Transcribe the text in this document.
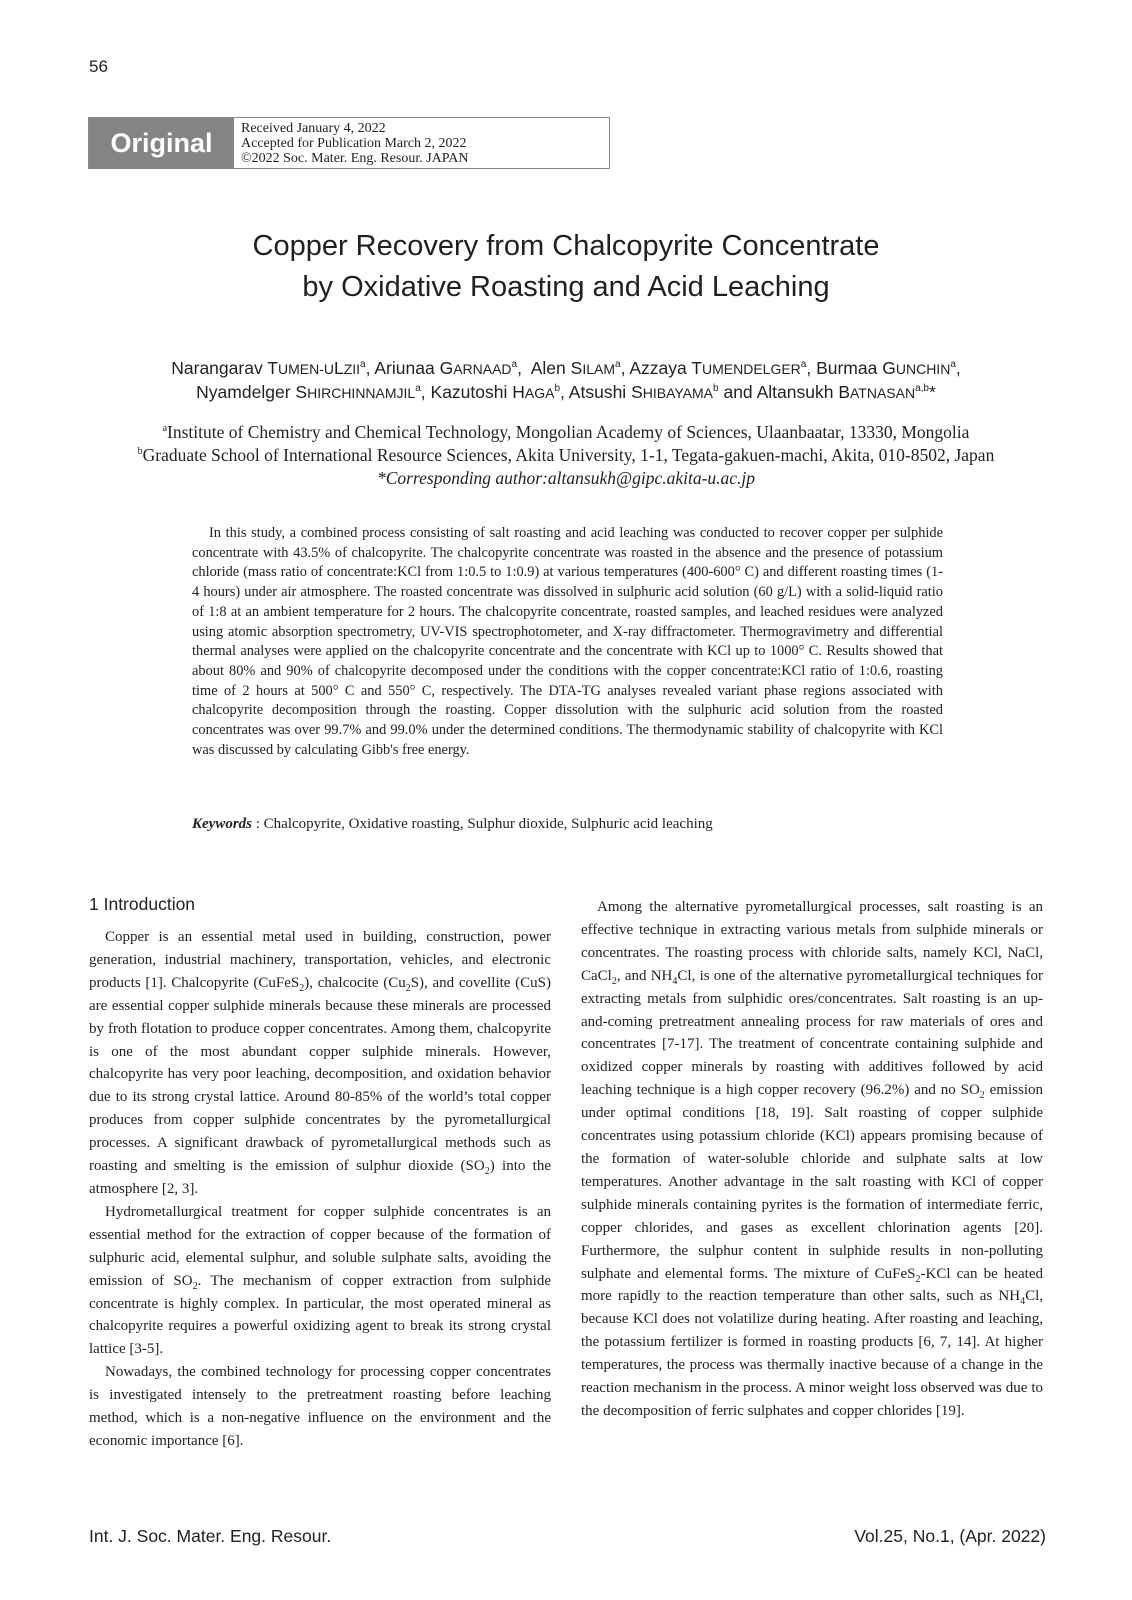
56
Original	Received January 4, 2022
Accepted for Publication March 2, 2022
©2022 Soc. Mater. Eng. Resour. JAPAN
Copper Recovery from Chalcopyrite Concentrate
by Oxidative Roasting and Acid Leaching
Narangarav TUMEN-ULZII$^a$, Ariunaa GARNAAD$^a$,  Alen SILAM$^a$, Azzaya TUMENDELGER$^a$, Burmaa GUNCHIN$^a$,
Nyamdelger SHIRCHINNAMJIL$^a$, Kazutoshi HAGA$^b$, Atsushi SHIBAYAMA$^b$ and Altansukh BATNASAN$^{a,b}$*
$^a$Institute of Chemistry and Chemical Technology, Mongolian Academy of Sciences, Ulaanbaatar, 13330, Mongolia
$^b$Graduate School of International Resource Sciences, Akita University, 1-1, Tegata-gakuen-machi, Akita, 010-8502, Japan
*Corresponding author:altansukh@gipc.akita-u.ac.jp

In this study, a combined process consisting of salt roasting and acid leaching was conducted to recover copper per sulphide concentrate with 43.5% of chalcopyrite. The chalcopyrite concentrate was roasted in the absence and the presence of potassium chloride (mass ratio of concentrate:KCl from 1:0.5 to 1:0.9) at various temperatures (400-600° C) and different roasting times (1-4 hours) under air atmosphere. The roasted concentrate was dissolved in sulphuric acid solution (60 g/L) with a solid-liquid ratio of 1:8 at an ambient temperature for 2 hours. The chalcopyrite concentrate, roasted samples, and leached residues were analyzed using atomic absorption spectrometry, UV-VIS spectrophotometer, and X-ray diffractometer. Thermogravimetry and differential thermal analyses were applied on the chalcopyrite concentrate and the concentrate with KCl up to 1000° C. Results showed that about 80% and 90% of chalcopyrite decomposed under the conditions with the copper concentrate:KCl ratio of 1:0.6, roasting time of 2 hours at 500° C and 550° C, respectively. The DTA-TG analyses revealed variant phase regions associated with chalcopyrite decomposition through the roasting. Copper dissolution with the sulphuric acid solution from the roasted concentrates was over 99.7% and 99.0% under the determined conditions. The thermodynamic stability of chalcopyrite with KCl was discussed by calculating Gibb's free energy.

Keywords : Chalcopyrite, Oxidative roasting, Sulphur dioxide, Sulphuric acid leaching
1 Introduction

Copper is an essential metal used in building, construction, power generation, industrial machinery, transportation, vehicles, and electronic products [1]. Chalcopyrite (CuFeS$_2$), chalcocite $(Cu_2S)$, and covellite (CuS) are essential copper sulphide minerals because these minerals are processed by froth flotation to produce copper concentrates. Among them, chalcopyrite is one of the most abundant copper sulphide minerals. However, chalcopyrite has very poor leaching, decomposition, and oxidation behavior due to its strong crystal lattice. Around 80-85% of the world’s total copper produces from copper sulphide concentrates by the pyrometallurgical processes. A significant drawback of pyrometallurgical methods such as roasting and smelting is the emission of sulphur dioxide $(SO_2)$ into the atmosphere [2, 3].

Hydrometallurgical treatment for copper sulphide concentrates is an essential method for the extraction of copper because of the formation of sulphuric acid, elemental sulphur, and soluble sulphate salts, avoiding the emission of $SO_2$. The mechanism of copper extraction from sulphide concentrate is highly complex. In particular, the most operated mineral as chalcopyrite requires a powerful oxidizing agent to break its strong crystal lattice [3-5].

Nowadays, the combined technology for processing copper concentrates is investigated intensely to the pretreatment roasting before leaching method, which is a non-negative influence on the environment and the economic importance [6].

Among the alternative pyrometallurgical processes, salt roasting is an effective technique in extracting various metals from sulphide minerals or concentrates. The roasting process with chloride salts, namely KCl, NaCl, CaCl$_2$, and $NH_4Cl$, is one of the alternative pyrometallurgical techniques for extracting metals from sulphidic ores/concentrates. Salt roasting is an up-and-coming pretreatment annealing process for raw materials of ores and concentrates [7-17]. The treatment of concentrate containing sulphide and oxidized copper minerals by roasting with additives followed by acid leaching technique is a high copper recovery (96.2%) and no $SO_2$ emission under optimal conditions [18, 19]. Salt roasting of copper sulphide concentrates using potassium chloride (KCl) appears promising because of the formation of water-soluble chloride and sulphate salts at low temperatures. Another advantage in the salt roasting with KCl of copper sulphide minerals containing pyrites is the formation of intermediate ferric, copper chlorides, and gases as excellent chlorination agents [20]. Furthermore, the sulphur content in sulphide results in non-polluting sulphate and elemental forms. The mixture of CuFeS$_2$-KCl can be heated more rapidly to the reaction temperature than other salts, such as $NH_4Cl$, because KCl does not volatilize during heating. After roasting and leaching, the potassium fertilizer is formed in roasting products [6, 7, 14]. At higher temperatures, the process was thermally inactive because of a change in the reaction mechanism in the process. A minor weight loss observed was due to the decomposition of ferric sulphates and copper chlorides [19].

Int. J. Soc. Mater. Eng. Resour.	Vol.25, No.1, (Apr. 2022)
